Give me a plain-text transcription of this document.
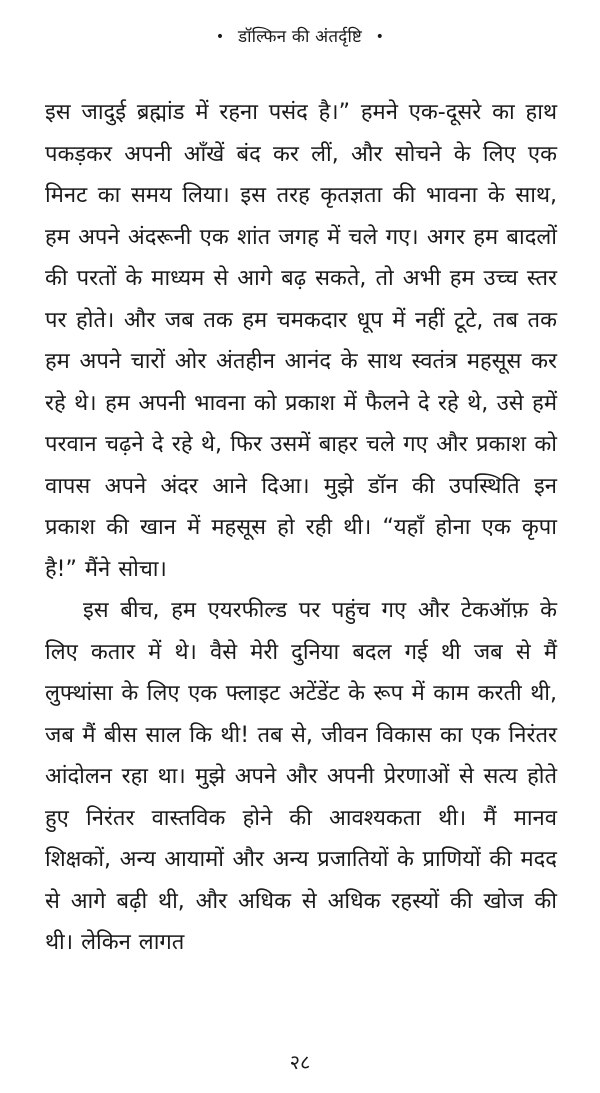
• डॉल्फिन की अंतर्दृष्टि •

इस जादुई ब्रह्मांड में रहना पसंद है।” हमने एक-दूसरे का हाथ पकड़कर अपनी आँखें बंद कर लीं, और सोचने के लिए एक मिनट का समय लिया। इस तरह कृतज्ञता की भावना के साथ, हम अपने अंदरूनी एक शांत जगह में चले गए। अगर हम बादलों की परतों के माध्यम से आगे बढ़ सकते, तो अभी हम उच्च स्तर पर होते। और जब तक हम चमकदार धूप में नहीं टूटे, तब तक हम अपने चारों ओर अंतहीन आनंद के साथ स्वतंत्र महसूस कर रहे थे। हम अपनी भावना को प्रकाश में फैलने दे रहे थे, उसे हमें परवान चढ़ने दे रहे थे, फिर उसमें बाहर चले गए और प्रकाश को वापस अपने अंदर आने दिआ। मुझे डॉन की उपस्थिति इन प्रकाश की खान में महसूस हो रही थी। “यहाँ होना एक कृपा है!” मैंने सोचा।

इस बीच, हम एयरफील्ड पर पहुंच गए और टेकऑफ़ के लिए कतार में थे। वैसे मेरी दुनिया बदल गई थी जब से मैं लुफ्थांसा के लिए एक फ्लाइट अटेंडेंट के रूप में काम करती थी, जब मैं बीस साल कि थी! तब से, जीवन विकास का एक निरंतर आंदोलन रहा था। मुझे अपने और अपनी प्रेरणाओं से सत्य होते हुए निरंतर वास्तविक होने की आवश्यकता थी। मैं मानव शिक्षकों, अन्य आयामों और अन्य प्रजातियों के प्राणियों की मदद से आगे बढ़ी थी, और अधिक से अधिक रहस्यों की खोज की थी। लेकिन लागत

२८
